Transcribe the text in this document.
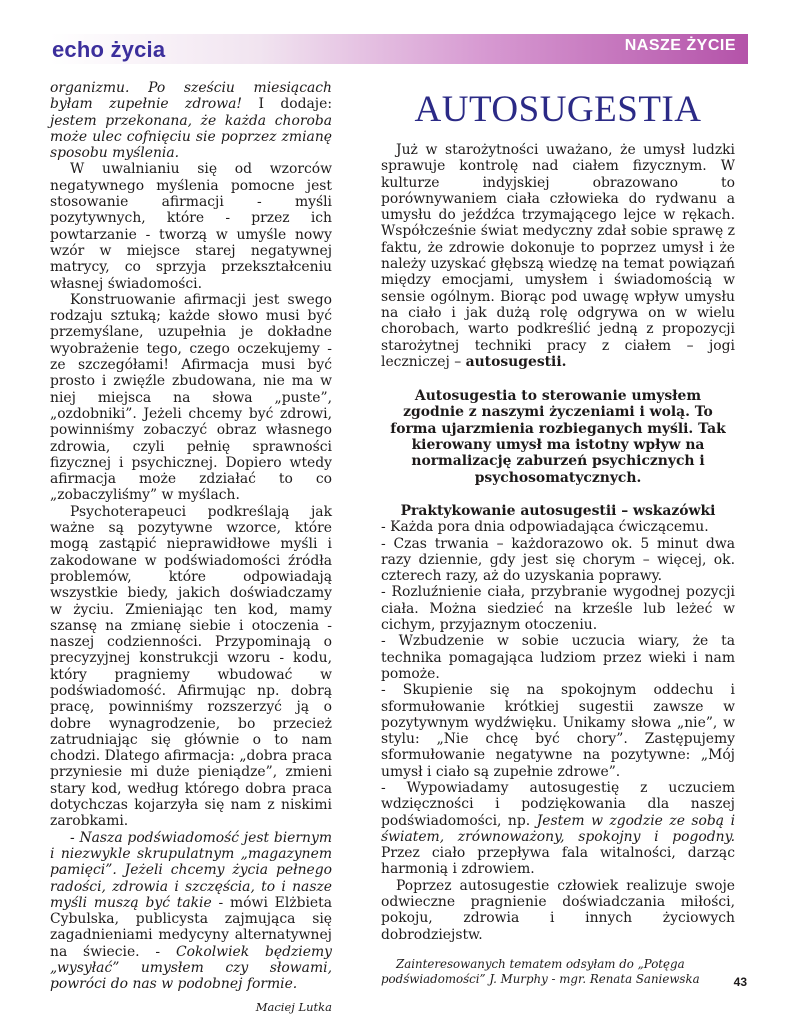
echo życia	NASZE ŻYCIE

organizmu. Po sześciu miesiącach byłam zupełnie zdrowa! I dodaje: jestem przekonana, że każda choroba może ulec cofnięciu sie poprzez zmianę sposobu myślenia.

W uwalnianiu się od wzorców negatywnego myślenia pomocne jest stosowanie afirmacji - myśli pozytywnych, które - przez ich powtarzanie - tworzą w umyśle nowy wzór w miejsce starej negatywnej matrycy, co sprzyja przekształceniu własnej świadomości.

Konstruowanie afirmacji jest swego rodzaju sztuką; każde słowo musi być przemyślane, uzupełnia je dokładne wyobrażenie tego, czego oczekujemy - ze szczegółami! Afirmacja musi być prosto i zwięźle zbudowana, nie ma w niej miejsca na słowa „puste”, „ozdobniki”. Jeżeli chcemy być zdrowi, powinniśmy zobaczyć obraz własnego zdrowia, czyli pełnię sprawności fizycznej i psychicznej. Dopiero wtedy afirmacja może zdziałać to co „zobaczyliśmy” w myślach.

Psychoterapeuci podkreślają jak ważne są pozytywne wzorce, które mogą zastąpić nieprawidłowe myśli i zakodowane w podświadomości źródła problemów, które odpowiadają wszystkie biedy, jakich doświadczamy w życiu. Zmieniając ten kod, mamy szansę na zmianę siebie i otoczenia - naszej codzienności. Przypominają o precyzyjnej konstrukcji wzoru - kodu, który pragniemy wbudować w podświadomość. Afirmując np. dobrą pracę, powinniśmy rozszerzyć ją o dobre wynagrodzenie, bo przecież zatrudniając się głównie o to nam chodzi. Dlatego afirmacja: „dobra praca przyniesie mi duże pieniądze”, zmieni stary kod, według którego dobra praca dotychczas kojarzyła się nam z niskimi zarobkami.

- Nasza podświadomość jest biernym i niezwykle skrupulatnym „magazynem pamięci”. Jeżeli chcemy życia pełnego radości, zdrowia i szczęścia, to i nasze myśli muszą być takie - mówi Elżbieta Cybulska, publicysta zajmująca się zagadnieniami medycyny alternatywnej na świecie. - Cokolwiek będziemy „wysyłać” umysłem czy słowami, powróci do nas w podobnej formie.

Maciej Lutka

AUTOSUGESTIA

Już w starożytności uważano, że umysł ludzki sprawuje kontrolę nad ciałem fizycznym. W kulturze indyjskiej obrazowano to porównywaniem ciała człowieka do rydwanu a umysłu do jeźdźca trzymającego lejce w rękach. Współcześnie świat medyczny zdał sobie sprawę z faktu, że zdrowie dokonuje to poprzez umysł i że należy uzyskać głębszą wiedzę na temat powiązań między emocjami, umysłem i świadomością w sensie ogólnym. Biorąc pod uwagę wpływ umysłu na ciało i jak dużą rolę odgrywa on w wielu chorobach, warto podkreślić jedną z propozycji starożytnej techniki pracy z ciałem – jogi leczniczej – autosugestii.

Autosugestia to sterowanie umysłem zgodnie z naszymi życzeniami i wolą. To forma ujarzmienia rozbieganych myśli. Tak kierowany umysł ma istotny wpływ na normalizację zaburzeń psychicznych i psychosomatycznych.

Praktykowanie autosugestii – wskazówki

- Każda pora dnia odpowiadająca ćwiczącemu.

- Czas trwania – każdorazowo ok. 5 minut dwa razy dziennie, gdy jest się chorym – więcej, ok. czterech razy, aż do uzyskania poprawy.

- Rozluźnienie ciała, przybranie wygodnej pozycji ciała. Można siedzieć na krześle lub leżeć w cichym, przyjaznym otoczeniu.

- Wzbudzenie w sobie uczucia wiary, że ta technika pomagająca ludziom przez wieki i nam pomoże.

- Skupienie się na spokojnym oddechu i sformułowanie krótkiej sugestii zawsze w pozytywnym wydźwięku. Unikamy słowa „nie”, w stylu: „Nie chcę być chory”. Zastępujemy sformułowanie negatywne na pozytywne: „Mój umysł i ciało są zupełnie zdrowe”.

- Wypowiadamy autosugestię z uczuciem wdzięczności i podziękowania dla naszej podświadomości, np. Jestem w zgodzie ze sobą i światem, zrównoważony, spokojny i pogodny. Przez ciało przepływa fala witalności, darząc harmonią i zdrowiem.

Poprzez autosugestie człowiek realizuje swoje odwieczne pragnienie doświadczania miłości, pokoju, zdrowia i innych życiowych dobrodziejstw.

Zainteresowanych tematem odsyłam do „Potęga podświadomości” J. Murphy - mgr. Renata Saniewska	43
